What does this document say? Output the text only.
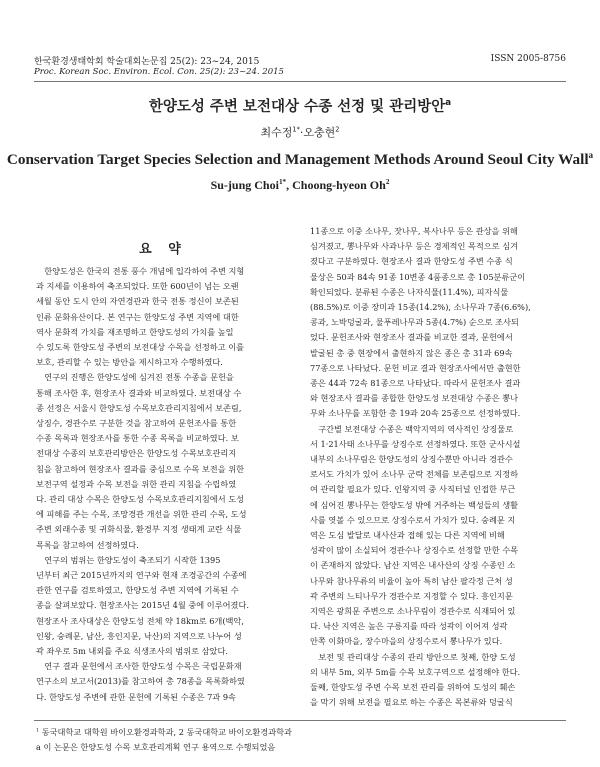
한국환경생태학회 학술대회논문집 25(2): 23~24, 2015
Proc. Korean Soc. Environ. Ecol. Con. 25(2): 23~24. 2015
ISSN 2005-8756
한양도성 주변 보전대상 수종 선정 및 관리방안$^a$
최수정$^{1*}$·오충현$^2$
Conservation Target Species Selection and Management Methods Around Seoul City Wall$^a$
Su-jung Choi$^{1*}$, Choong-hyeon Oh$^2$
요 약
한양도성은 한국의 전통 풍수 개념에 입각하여 주변 지형
과 지세를 이용하여 축조되었다. 또한 600년이 넘는 오랜
세월 동안 도시 안의 자연경관과 한국 전통 정신이 보존된
인류 문화유산이다. 본 연구는 한양도성 주변 지역에 대한
역사 문화적 가치를 재조명하고 한양도성의 가치를 높일
수 있도록 한양도성 주변의 보전대상 수목을 선정하고 이를
보호, 관리할 수 있는 방안을 제시하고자 수행하였다.
연구의 진행은 한양도성에 심겨진 전통 수종을 문헌을
통해 조사한 후, 현장조사 결과와 비교하였다. 보전대상 수
종 선정은 서울시 한양도성 수목보호관리지침에서 보존림,
상징수, 경관수로 구분한 것을 참고하여 문헌조사를 통한
수종 목록과 현장조사를 통한 수종 목록을 비교하였다. 보
전대상 수종의 보호관리방안은 한양도성 수목보호관리지
침을 참고하여 현장조사 결과를 중심으로 수목 보전을 위한
보전구역 설정과 수목 보전을 위한 관리 지침을 수립하였
다. 관리 대상 수목은 한양도성 수목보호관리지침에서 도성
에 피해를 주는 수목, 조망경관 개선을 위한 관리 수목, 도성
주변 외래수종 및 귀화식물, 환경부 지정 생태계 교란 식물
목록을 참고하여 선정하였다.
연구의 범위는 한양도성이 축조되기 시작한 1395
년부터 최근 2015년까지의 연구와 현재 조경공간의 수종에
관한 연구를 검토하였고, 한양도성 주변 지역에 기록된 수
종을 살펴보았다. 현장조사는 2015년 4월 중에 이루어졌다.
현장조사 조사대상은 한양도성 전체 약 18km로 6개(백악,
인왕, 숭례문, 남산, 흥인지문, 낙산)의 지역으로 나누어 성
곽 좌우로 5m 내외를 주요 식생조사의 범위로 삼았다.
연구 결과 문헌에서 조사한 한양도성 수목은 국립문화재
연구소의 보고서(2013)를 참고하여 총 78종을 목록화하였
다. 한양도성 주변에 관한 문헌에 기록된 수종은 7과 9속
11종으로 이중 소나무, 잣나무, 복사나무 등은 관상을 위해
심겨졌고, 뽕나무와 사과나무 등은 경제적인 목적으로 심겨
졌다고 구분하였다. 현장조사 결과 한양도성 주변 수종 식
물상은 50과 84속 91종 10변종 4품종으로 총 105분류군이
확인되었다. 분류된 수종은 나자식물(11.4%), 피자식물
(88.5%)로 이중 장미과 15종(14.2%), 소나무과 7종(6.6%),
콩과, 노박덩굴과, 물푸레나무과 5종(4.7%) 순으로 조사되
었다. 문헌조사와 현장조사 결과를 비교한 결과, 문헌에서
발굴된 총 중 현장에서 출현하지 않은 종은 총 31과 69속
77종으로 나타났다. 문헌 비교 결과 현장조사에서만 출현한
종은 44과 72속 81종으로 나타났다. 따라서 문헌조사 결과
와 현장조사 결과를 종합한 한양도성 보전대상 수종은 뽕나
무와 소나무를 포함한 총 19과 20속 25종으로 선정하였다.
구간별 보전대상 수종은 백악지역의 역사적인 상징물로
서 1·21사태 소나무를 상징수로 선정하였다. 또한 군사시설
내부의 소나무림은 한양도성의 상징수뿐만 아니라 경관수
로서도 가치가 있어 소나무 군락 전체를 보존림으로 지정하
여 관리할 필요가 있다. 인왕지역 중 사직터널 인접한 부근
에 심어진 뽕나무는 한양도성 밖에 거주하는 백성들의 생활
사를 엿볼 수 있으므로 상징수로서 가치가 있다. 숭례문 지
역은 도심 발달로 내사산과 접해 있는 다른 지역에 비해
성곽이 많이 소실되어 경관수나 상징수로 선정할 만한 수목
이 존재하지 않았다. 남산 지역은 내사산의 상징 수종인 소
나무와 참나무류의 비율이 높아 특히 남산 팔각정 근처 성
곽 주변의 느티나무가 경관수로 지정할 수 있다. 흥인지문
지역은 광희문 주변으로 소나무림이 경관수로 식재되어 있
다. 낙산 지역은 높은 구릉지를 따라 성곽이 이어져 성곽
안쪽 이화마을, 장수마을의 상징수로서 뽕나무가 있다.
보전 및 관리대상 수종의 관리 방안으로 첫째, 한양 도성
의 내부 5m, 외부 5m를 수목 보호구역으로 설정해야 한다.
둘째, 한양도성 주변 수목 보전 관리를 위하여 도성의 훼손
을 막기 위해 보전을 필요로 하는 수종은 목본류와 덩굴식
$^1$ 동국대학교 대학원 바이오환경과학과, 2 동국대학교 바이오환경과학과
a 이 논문은 한양도성 수목 보호관리계획 연구 용역으로 수행되었음
